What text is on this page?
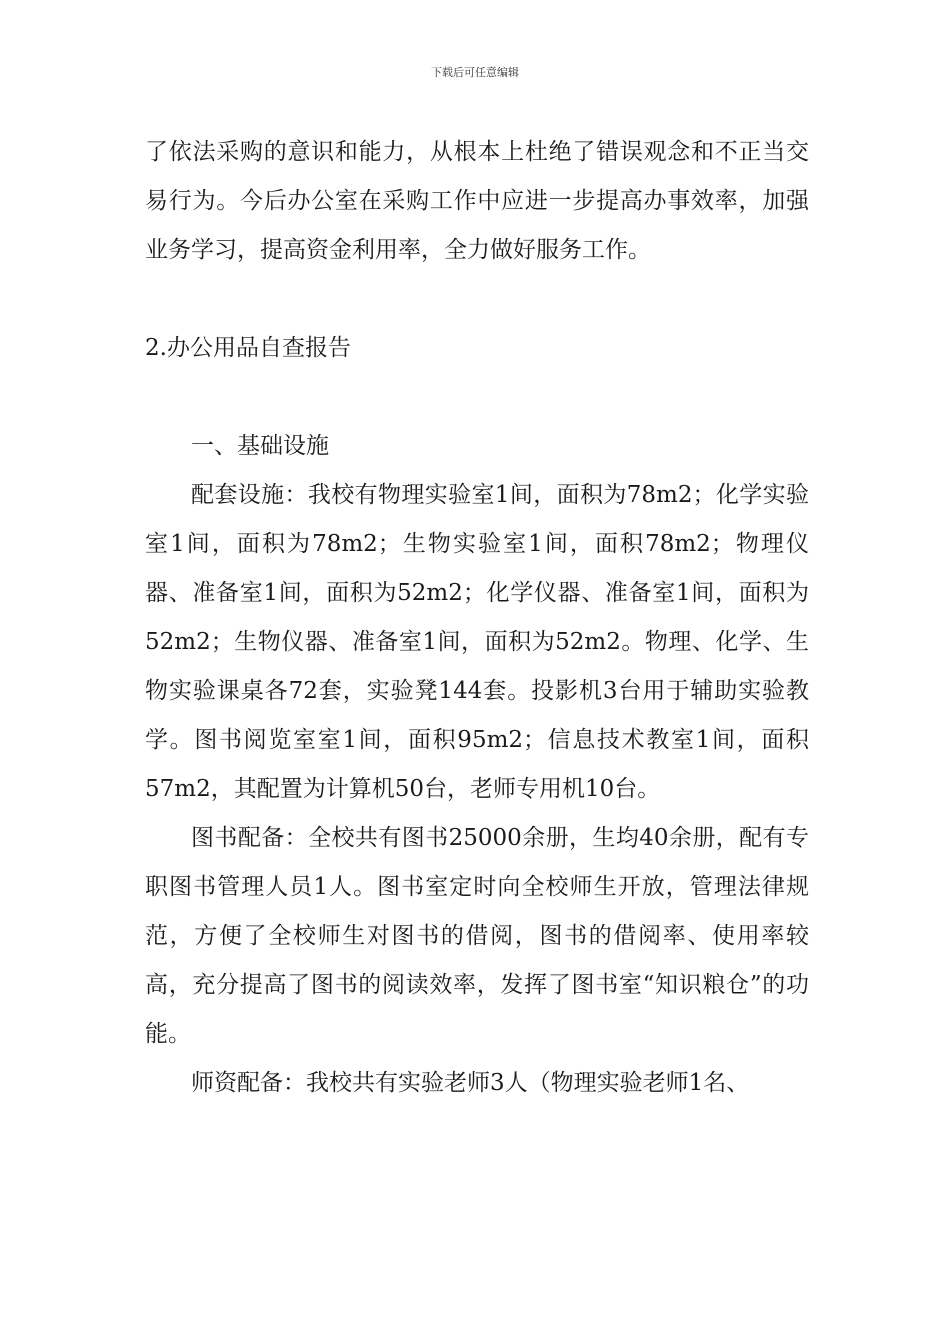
下载后可任意编辑

了依法采购的意识和能力，从根本上杜绝了错误观念和不正当交易行为。今后办公室在采购工作中应进一步提高办事效率，加强业务学习，提高资金利用率，全力做好服务工作。

2.办公用品自查报告

一、基础设施

配套设施：我校有物理实验室1间，面积为78m2；化学实验室1间，面积为78m2；生物实验室1间，面积78m2；物理仪器、准备室1间，面积为52m2；化学仪器、准备室1间，面积为52m2；生物仪器、准备室1间，面积为52m2。物理、化学、生物实验课桌各72套，实验凳144套。投影机3台用于辅助实验教学。图书阅览室室1间，面积95m2；信息技术教室1间，面积57m2，其配置为计算机50台，老师专用机10台。

图书配备：全校共有图书25000余册，生均40余册，配有专职图书管理人员1人。图书室定时向全校师生开放，管理法律规范，方便了全校师生对图书的借阅，图书的借阅率、使用率较高，充分提高了图书的阅读效率，发挥了图书室“知识粮仓”的功能。

师资配备：我校共有实验老师3人（物理实验老师1名、
